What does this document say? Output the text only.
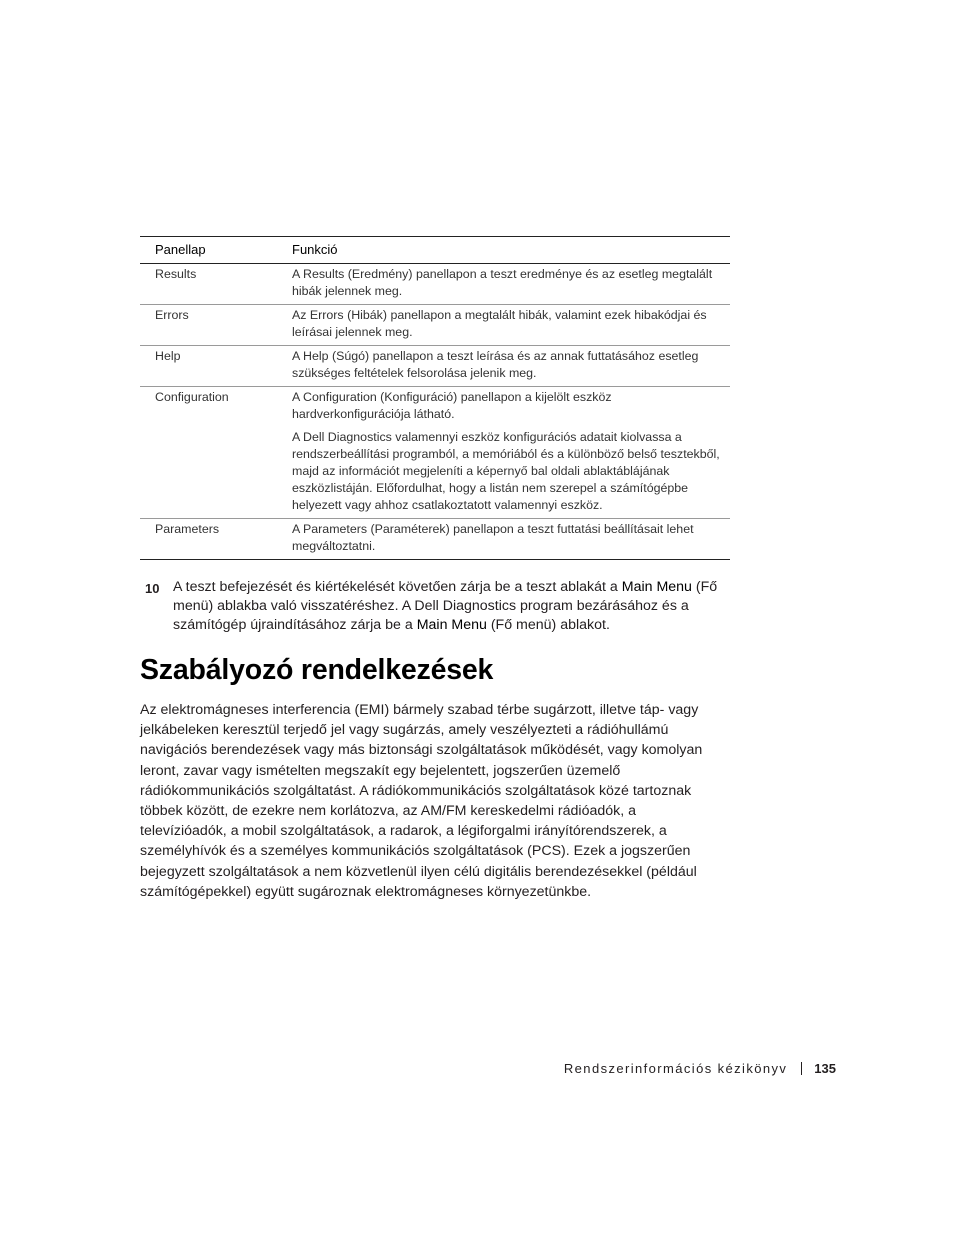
Panellap	Funkció
Results	A Results (Eredmény) panellapon a teszt eredménye és az esetleg megtalált hibák jelennek meg.

Errors	Az Errors (Hibák) panellapon a megtalált hibák, valamint ezek hibakódjai és leírásai jelennek meg.

Help	A Help (Súgó) panellapon a teszt leírása és az annak futtatásához esetleg szükséges feltételek felsorolása jelenik meg.

Configuration	A Configuration (Konfiguráció) panellapon a kijelölt eszköz hardverkonfigurációja látható.

A Dell Diagnostics valamennyi eszköz konfigurációs adatait kiolvassa a rendszerbeállítási programból, a memóriából és a különböző belső tesztekből, majd az információt megjeleníti a képernyő bal oldali ablaktáblájának eszközlistáján. Előfordulhat, hogy a listán nem szerepel a számítógépbe helyezett vagy ahhoz csatlakoztatott valamennyi eszköz.

Parameters	A Parameters (Paraméterek) panellapon a teszt futtatási beállításait lehet megváltoztatni.

10 A teszt befejezését és kiértékelését követően zárja be a teszt ablakát a Main Menu (Fő menü) ablakba való visszatéréshez. A Dell Diagnostics program bezárásához és a számítógép újraindításához zárja be a Main Menu (Fő menü) ablakot.
Szabályozó rendelkezések

Az elektromágneses interferencia (EMI) bármely szabad térbe sugárzott, illetve táp- vagy jelkábeleken keresztül terjedő jel vagy sugárzás, amely veszélyezteti a rádióhullámú navigációs berendezések vagy más biztonsági szolgáltatások működését, vagy komolyan leront, zavar vagy ismételten megszakít egy bejelentett, jogszerűen üzemelő rádiókommunikációs szolgáltatást. A rádiókommunikációs szolgáltatások közé tartoznak többek között, de ezekre nem korlátozva, az AM/FM kereskedelmi rádióadók, a televízióadók, a mobil szolgáltatások, a radarok, a légiforgalmi irányítórendszerek, a személyhívók és a személyes kommunikációs szolgáltatások (PCS). Ezek a jogszerűen bejegyzett szolgáltatások a nem közvetlenül ilyen célú digitális berendezésekkel (például számítógépekkel) együtt sugároznak elektromágneses környezetünkbe.

Rendszerinformációs kézikönyv 135
